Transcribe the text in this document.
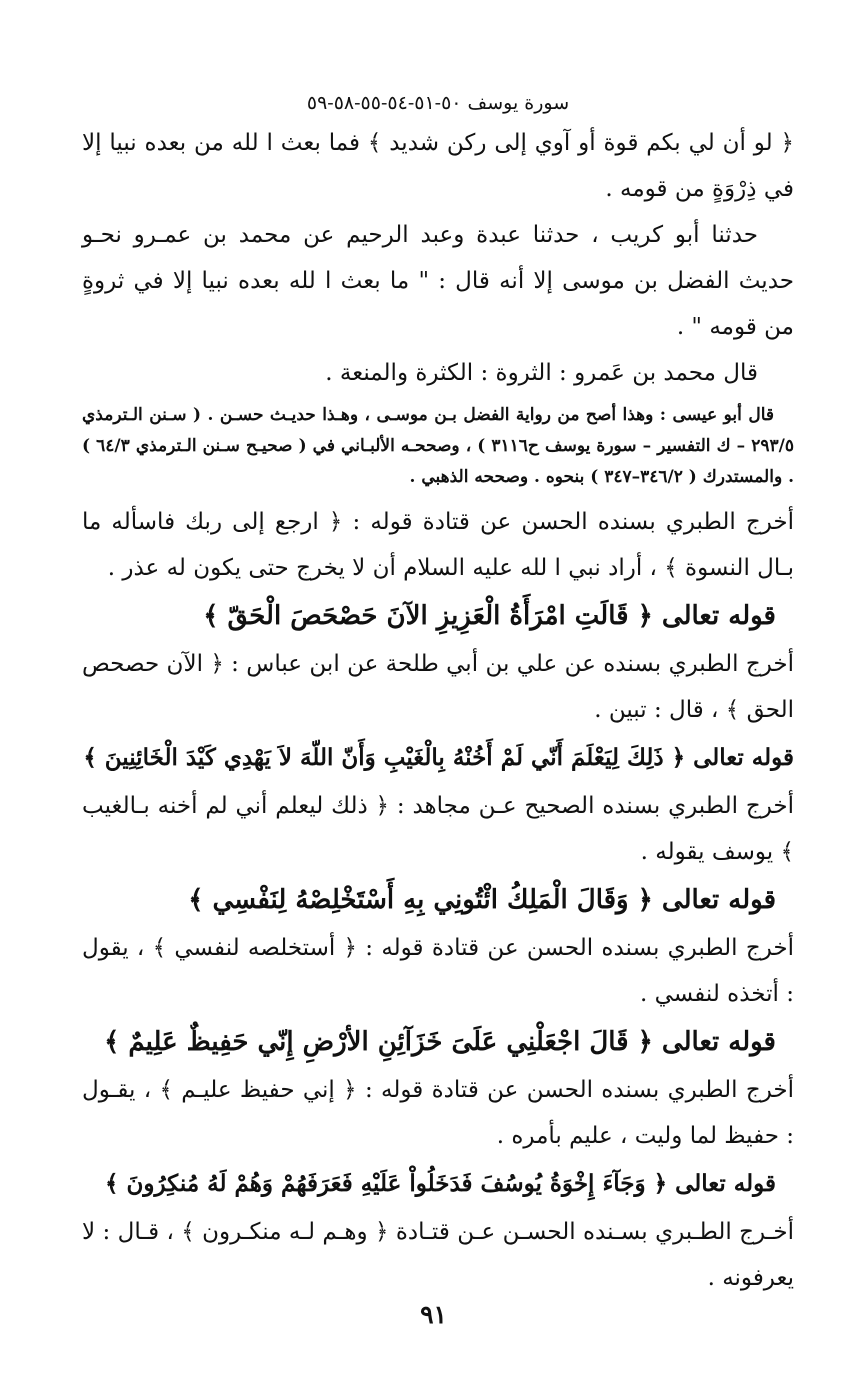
سورة يوسف ٥٠-٥١-٥٤-٥٥-٥٨-٥٩

﴿ لو أن لي بكم قوة أو آوي إلى ركن شديد ﴾ فما بعث ا لله من بعده نبيا إلا في ذِرْوَةٍ من قومه .

حدثنا أبو كريب ، حدثنا عبدة وعبد الرحيم عن محمد بن عمـرو نحـو حديث الفضل بن موسى إلا أنه قال : " ما بعث ا لله بعده نبيا إلا في ثروةٍ من قومه " .

قال محمد بن عَمرو : الثروة : الكثرة والمنعة .

قال أبو عيسى : وهذا أصح من رواية الفضل بـن موسـى ، وهـذا حديـث حسـن . ( سـنن الـترمذي ٢٩٣/٥ – ك التفسير – سورة يوسف ح٣١١٦ ) ، وصححـه الألبـاني في ( صحيـح سـنن الـترمذي ٦٤/٣ ) . والمستدرك ( ٣٤٦/٢–٣٤٧ ) بنحوه . وصححه الذهبي .

أخرج الطبري بسنده الحسن عن قتادة قوله : ﴿ ارجع إلى ربك فاسأله ما بـال النسوة ﴾ ، أراد نبي ا لله عليه السلام أن لا يخرج حتى يكون له عذر .

قوله تعالى ﴿ قَالَتِ امْرَأَةُ الْعَزِيزِ الآنَ حَصْحَصَ الْحَقّ ﴾

أخرج الطبري بسنده عن علي بن أبي طلحة عن ابن عباس : ﴿ الآن حصحص الحق ﴾ ، قال : تبين .

قوله تعالى ﴿ ذَلِكَ لِيَعْلَمَ أَنّي لَمْ أَخُنْهُ بِالْغَيْبِ وَأَنّ اللّهَ لاَ يَهْدِي كَيْدَ الْخَائِنِينَ ﴾

أخرج الطبري بسنده الصحيح عـن مجاهد : ﴿ ذلك ليعلم أني لم أخنه بـالغيب ﴾ يوسف يقوله .

قوله تعالى ﴿ وَقَالَ الْمَلِكُ ائْتُونِي بِهِ أَسْتَخْلِصْهُ لِنَفْسِي ﴾

أخرج الطبري بسنده الحسن عن قتادة قوله : ﴿ أستخلصه لنفسي ﴾ ، يقول : أتخذه لنفسي .

قوله تعالى ﴿ قَالَ اجْعَلْنِي عَلَىَ خَزَآئِنِ الأرْضِ إِنّي حَفِيظٌ عَلِيمٌ ﴾

أخرج الطبري بسنده الحسن عن قتادة قوله : ﴿ إني حفيظ عليـم ﴾ ، يقـول : حفيظ لما وليت ، عليم بأمره .

قوله تعالى ﴿ وَجَآءَ إِخْوَةُ يُوسُفَ فَدَخَلُواْ عَلَيْهِ فَعَرَفَهُمْ وَهُمْ لَهُ مُنكِرُونَ ﴾

أخـرج الطـبري بسـنده الحسـن عـن قتـادة ﴿ وهـم لـه منكـرون ﴾ ، قـال : لا يعرفونه .

٩١
